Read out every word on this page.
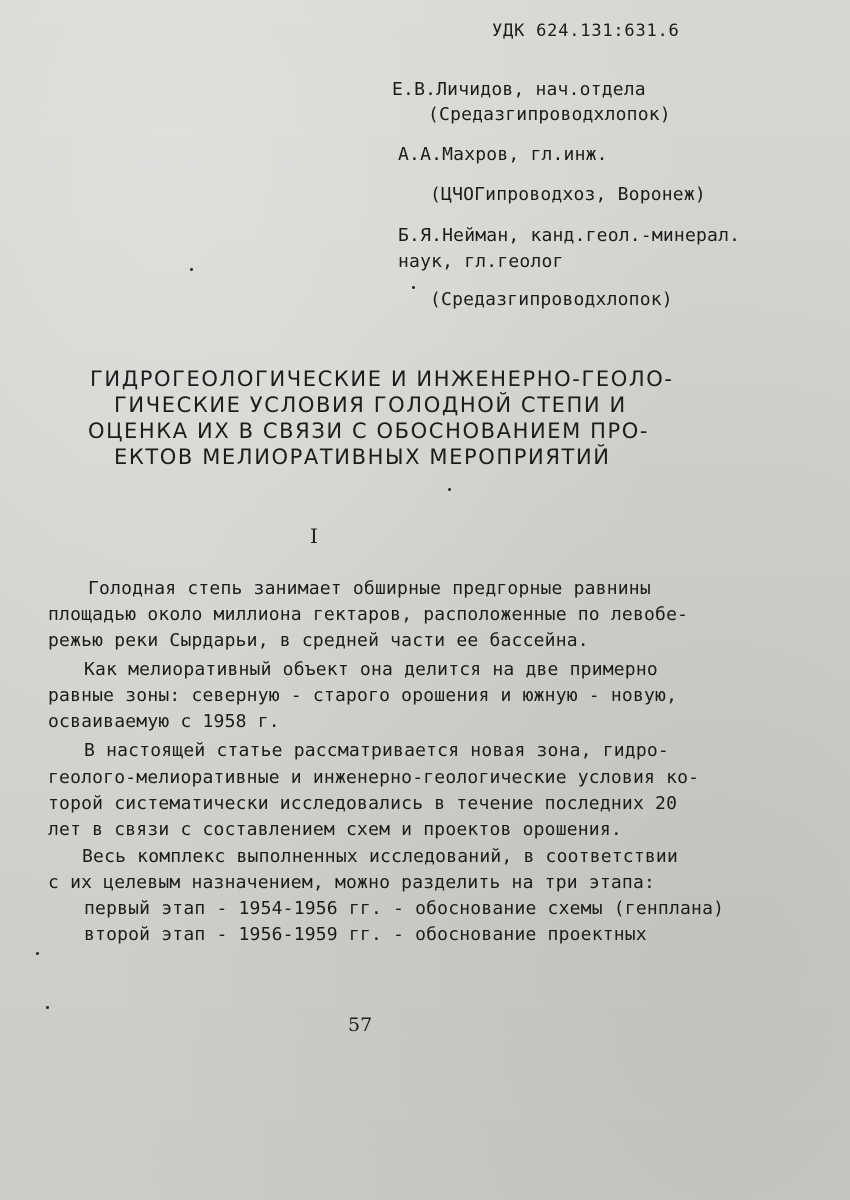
УДК 624.131:631.6
Е.В.Личидов, нач.отдела
(Средазгипроводхлопок)
А.А.Махров, гл.инж.
(ЦЧОГипроводхоз, Воронеж)
Б.Я.Нейман, канд.геол.-минерал.
наук, гл.геолог
(Средазгипроводхлопок)
ГИДРОГЕОЛОГИЧЕСКИЕ И ИНЖЕНЕРНО-ГЕОЛО-
ГИЧЕСКИЕ УСЛОВИЯ ГОЛОДНОЙ СТЕПИ И
ОЦЕНКА ИХ В СВЯЗИ С ОБОСНОВАНИЕМ ПРО-
ЕКТОВ МЕЛИОРАТИВНЫХ МЕРОПРИЯТИЙ
I
Голодная степь занимает обширные предгорные равнины
площадью около миллиона гектаров, расположенные по левобе-
режью реки Сырдарьи, в средней части ее бассейна.
Как мелиоративный объект она делится на две примерно
равные зоны: северную - старого орошения и южную - новую,
осваиваемую с 1958 г.
В настоящей статье рассматривается новая зона, гидро-
геолого-мелиоративные и инженерно-геологические условия ко-
торой систематически исследовались в течение последних 20
лет в связи с составлением схем и проектов орошения.
Весь комплекс выполненных исследований, в соответствии
с их целевым назначением, можно разделить на три этапа:
первый этап - 1954-1956 гг. - обоснование схемы (генплана)
второй этап - 1956-1959 гг. - обоснование проектных
57
